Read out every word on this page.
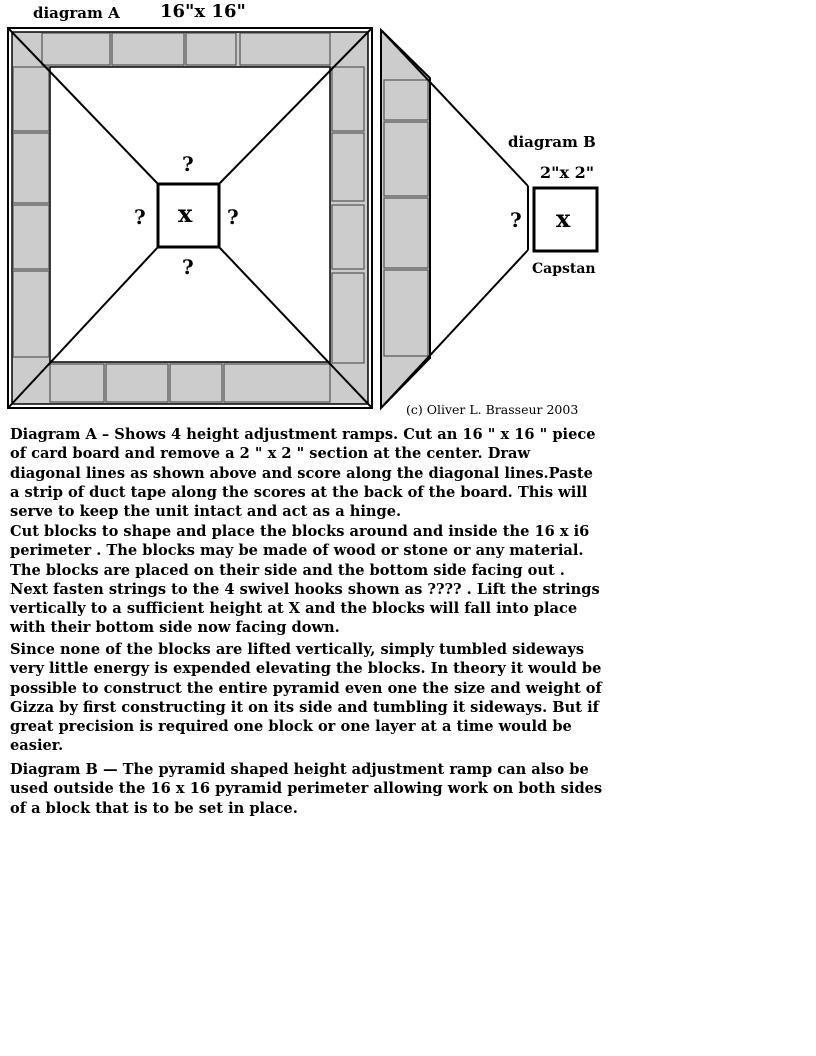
diagram A 16"x 16"
x
?
?	?
?
diagram B
2"x 2"
x
?
Capstan
(c) Oliver L. Brasseur 2003
Diagram A – Shows 4 height adjustment ramps. Cut an 16 " x 16 " piece
of card board and remove a 2 " x 2 " section at the center. Draw
diagonal lines as shown above and score along the diagonal lines.Paste
a strip of duct tape along the scores at the back of the board. This will
serve to keep the unit intact and act as a hinge.
Cut blocks to shape and place the blocks around and inside the 16 x i6
perimeter . The blocks may be made of wood or stone or any material.
The blocks are placed on their side and the bottom side facing out .
Next fasten strings to the 4 swivel hooks shown as ???? . Lift the strings
vertically to a sufficient height at X and the blocks will fall into place
with their bottom side now facing down.
Since none of the blocks are lifted vertically, simply tumbled sideways
very little energy is expended elevating the blocks. In theory it would be
possible to construct the entire pyramid even one the size and weight of
Gizza by first constructing it on its side and tumbling it sideways. But if
great precision is required one block or one layer at a time would be
easier.
Diagram B — The pyramid shaped height adjustment ramp can also be
used outside the 16 x 16 pyramid perimeter allowing work on both sides
of a block that is to be set in place.
